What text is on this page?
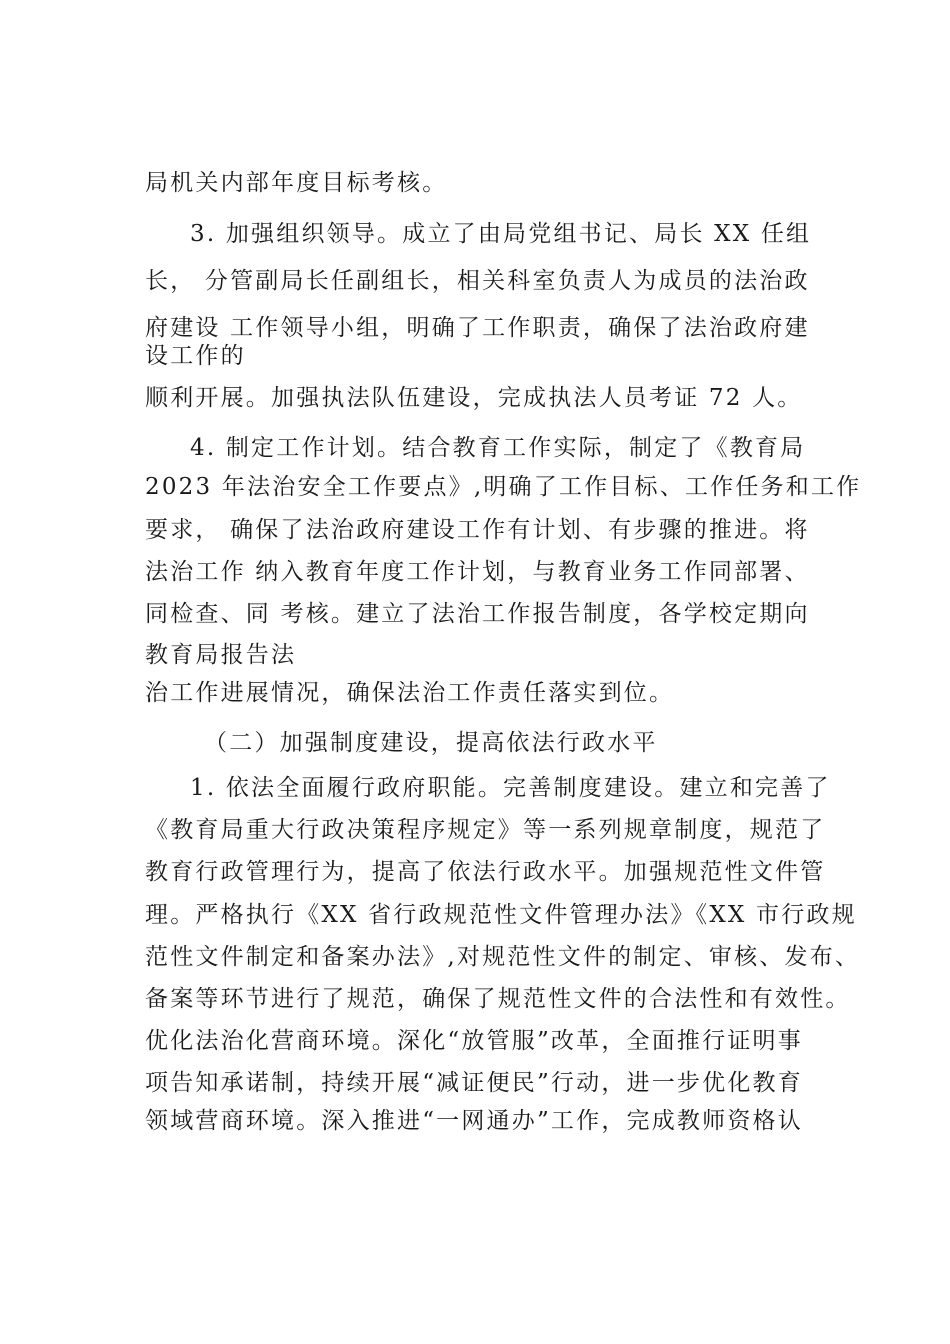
局机关内部年度目标考核。

3. 加强组织领导。成立了由局党组书记、局长 XX 任组

长， 分管副局长任副组长，相关科室负责人为成员的法治政

府建设 工作领导小组，明确了工作职责，确保了法治政府建

设工作的

顺利开展。加强执法队伍建设，完成执法人员考证 72 人。

4. 制定工作计划。结合教育工作实际，制定了《教育局

2023 年法治安全工作要点》,明确了工作目标、工作任务和工作

要求， 确保了法治政府建设工作有计划、有步骤的推进。将

法治工作 纳入教育年度工作计划，与教育业务工作同部署、

同检查、同 考核。建立了法治工作报告制度，各学校定期向

教育局报告法

治工作进展情况，确保法治工作责任落实到位。

（二）加强制度建设，提高依法行政水平

1. 依法全面履行政府职能。完善制度建设。建立和完善了

《教育局重大行政决策程序规定》等一系列规章制度，规范了

教育行政管理行为，提高了依法行政水平。加强规范性文件管

理。严格执行《XX 省行政规范性文件管理办法》《XX 市行政规

范性文件制定和备案办法》,对规范性文件的制定、审核、发布、

备案等环节进行了规范，确保了规范性文件的合法性和有效性。

优化法治化营商环境。深化“放管服”改革，全面推行证明事

项告知承诺制，持续开展“减证便民”行动，进一步优化教育

领域营商环境。深入推进“一网通办”工作，完成教师资格认
